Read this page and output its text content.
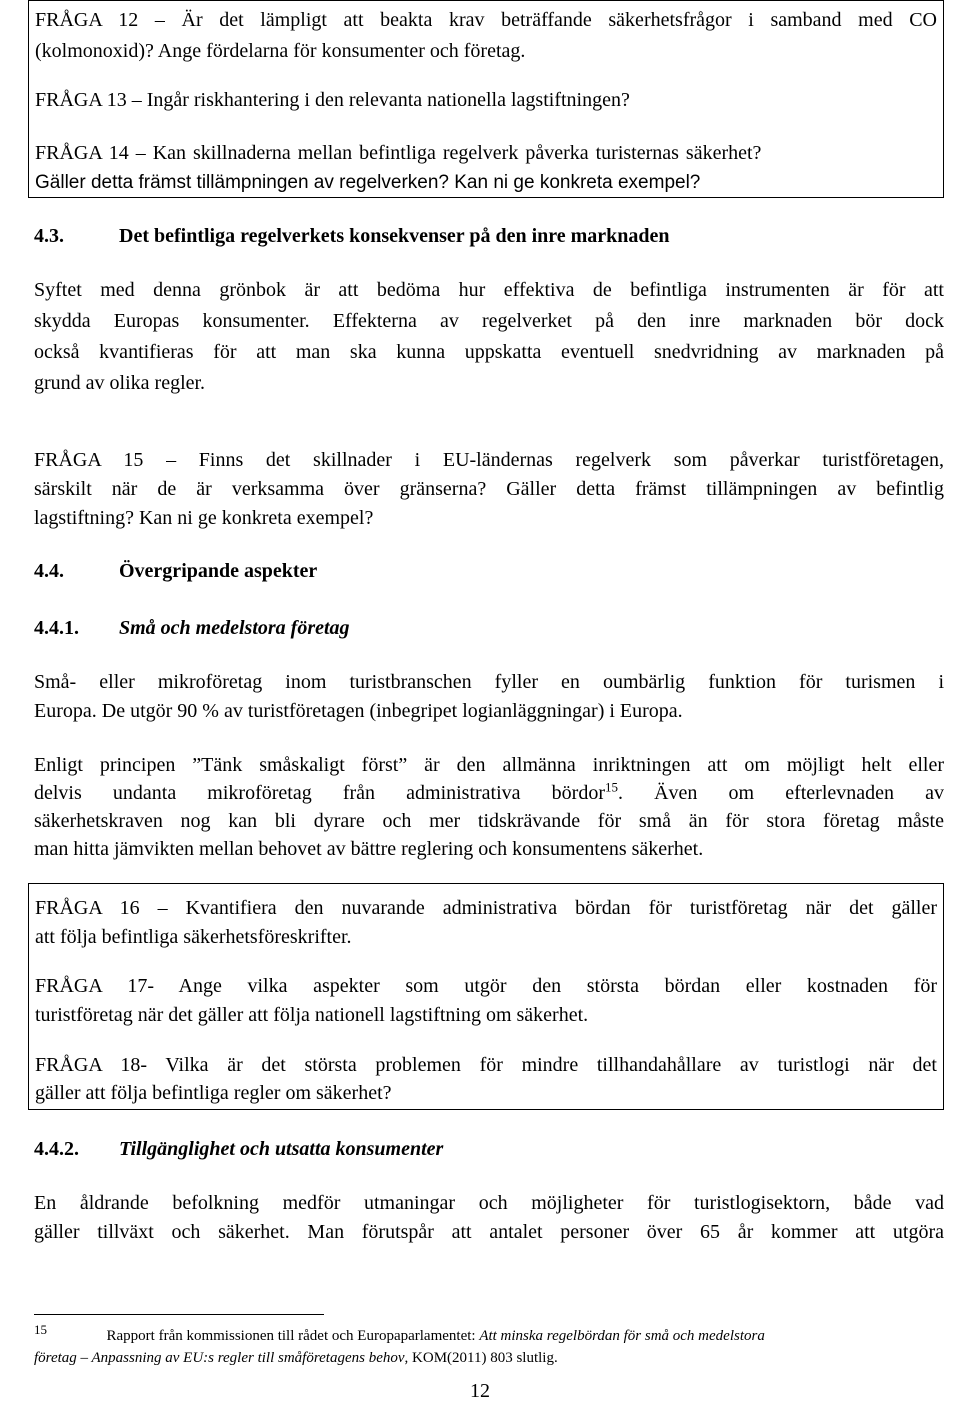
FRÅGA 12 – Är det lämpligt att beakta krav beträffande säkerhetsfrågor i samband med CO
(kolmonoxid)? Ange fördelarna för konsumenter och företag.
FRÅGA 13 – Ingår riskhantering i den relevanta nationella lagstiftningen?
FRÅGA 14 – Kan skillnaderna mellan befintliga regelverk påverka turisternas säkerhet?
Gäller detta främst tillämpningen av regelverken? Kan ni ge konkreta exempel?
4.3.	Det befintliga regelverkets konsekvenser på den inre marknaden
Syftet med denna grönbok är att bedöma hur effektiva de befintliga instrumenten är för att
skydda Europas konsumenter. Effekterna av regelverket på den inre marknaden bör dock
också kvantifieras för att man ska kunna uppskatta eventuell snedvridning av marknaden på
grund av olika regler.
FRÅGA 15 – Finns det skillnader i EU-ländernas regelverk som påverkar turistföretagen,
särskilt när de är verksamma över gränserna? Gäller detta främst tillämpningen av befintlig
lagstiftning? Kan ni ge konkreta exempel?
4.4.	Övergripande aspekter
4.4.1. Små och medelstora företag
Små- eller mikroföretag inom turistbranschen fyller en oumbärlig funktion för turismen i
Europa. De utgör 90 % av turistföretagen (inbegripet logianläggningar) i Europa.
Enligt principen ”Tänk småskaligt först” är den allmänna inriktningen att om möjligt helt eller
delvis undanta mikroföretag från administrativa bördor$^{15}$. Även om efterlevnaden av
säkerhetskraven nog kan bli dyrare och mer tidskrävande för små än för stora företag måste
man hitta jämvikten mellan behovet av bättre reglering och konsumentens säkerhet.
FRÅGA 16 – Kvantifiera den nuvarande administrativa bördan för turistföretag när det gäller
att följa befintliga säkerhetsföreskrifter.
FRÅGA 17- Ange vilka aspekter som utgör den största bördan eller kostnaden för
turistföretag när det gäller att följa nationell lagstiftning om säkerhet.
FRÅGA 18- Vilka är det största problemen för mindre tillhandahållare av turistlogi när det
gäller att följa befintliga regler om säkerhet?
4.4.2. Tillgänglighet och utsatta konsumenter
En åldrande befolkning medför utmaningar och möjligheter för turistlogisektorn, både vad
gäller tillväxt och säkerhet. Man förutspår att antalet personer över 65 år kommer att utgöra
$^{15}$	Rapport från kommissionen till rådet och Europaparlamentet: Att minska regelbördan för små och medelstora
företag – Anpassning av EU:s regler till småföretagens behov, KOM(2011) 803 slutlig.
12
